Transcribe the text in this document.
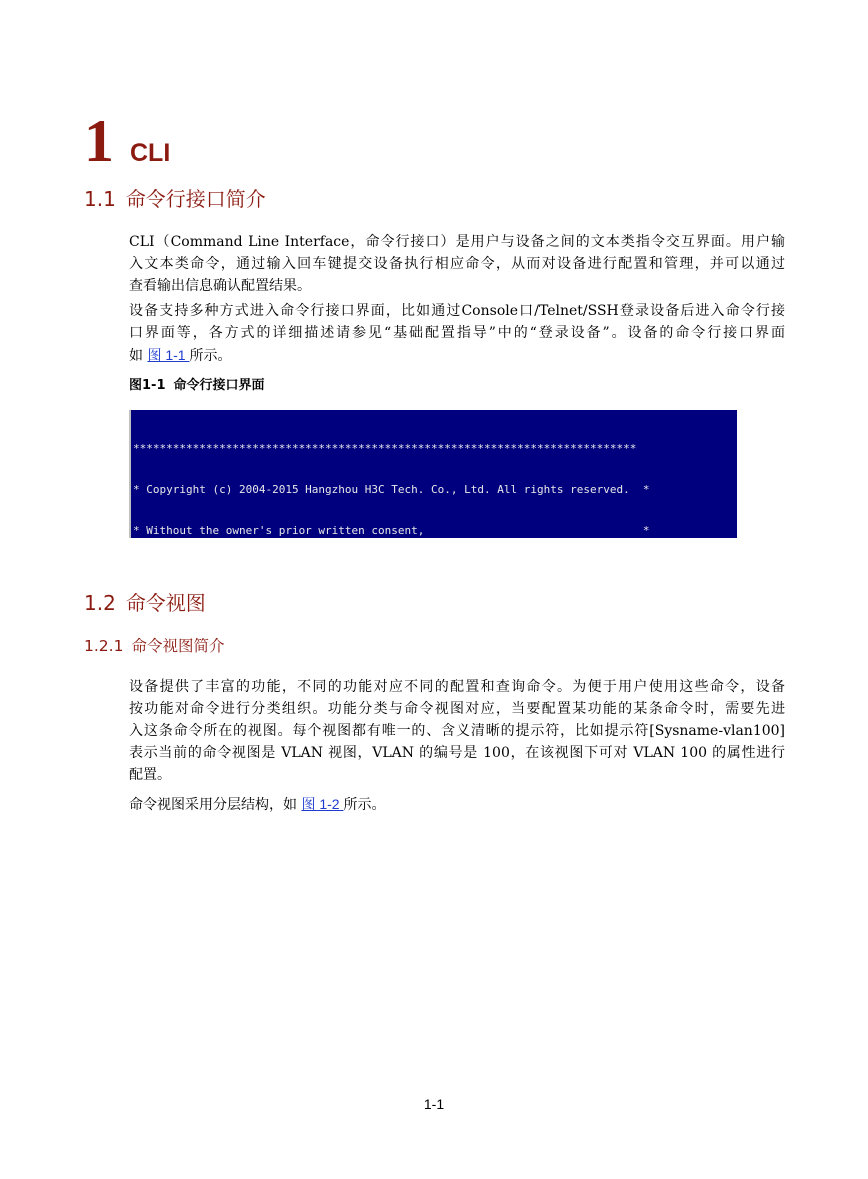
1 CLI
1.1 命令行接口简介
CLI（Command Line Interface，命令行接口）是用户与设备之间的文本类指令交互界面。用户输
入文本类命令，通过输入回车键提交设备执行相应命令，从而对设备进行配置和管理，并可以通过
查看输出信息确认配置结果。
设备支持多种方式进入命令行接口界面，比如通过Console口/Telnet/SSH登录设备后进入命令行接
口界面等，各方式的详细描述请参见“基础配置指导”中的“登录设备”。设备的命令行接口界面
如 图 1-1 所示。
图1-1 命令行接口界面

****************************************************************************

* Copyright (c) 2004-2015 Hangzhou H3C Tech. Co., Ltd. All rights reserved.  *

* Without the owner's prior written consent,                                 *

1.2 命令视图
1.2.1 命令视图简介
设备提供了丰富的功能，不同的功能对应不同的配置和查询命令。为便于用户使用这些命令，设备
按功能对命令进行分类组织。功能分类与命令视图对应，当要配置某功能的某条命令时，需要先进
入这条命令所在的视图。每个视图都有唯一的、含义清晰的提示符，比如提示符[Sysname-vlan100]
表示当前的命令视图是 VLAN 视图，VLAN 的编号是 100，在该视图下可对 VLAN 100 的属性进行
配置。
命令视图采用分层结构，如 图 1-2 所示。
1-1
